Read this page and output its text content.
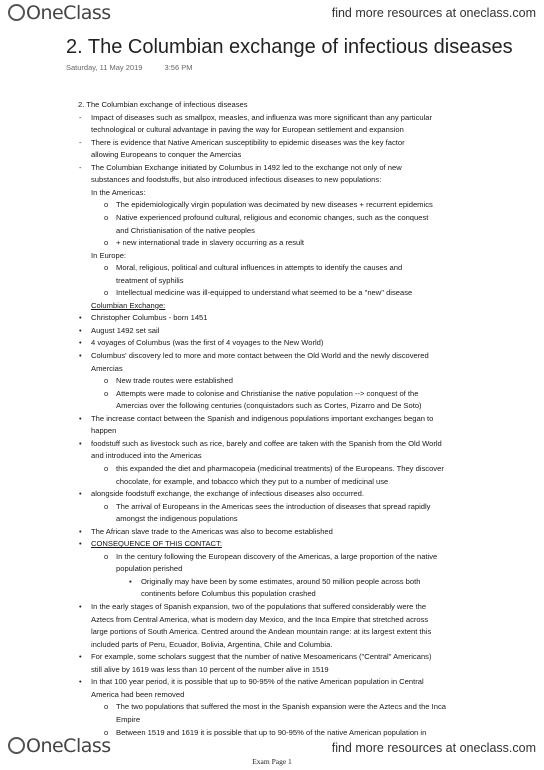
OneClass	find more resources at oneclass.com
2. The Columbian exchange of infectious diseases
Saturday, 11 May 2019	3:56 PM
2. The Columbian exchange of infectious diseases
- Impact of diseases such as smallpox, measles, and influenza was more significant than any particular
technological or cultural advantage in paving the way for European settlement and expansion
- There is evidence that Native American susceptibility to epidemic diseases was the key factor
allowing Europeans to conquer the Amercias
- The Columbian Exchange initiated by Columbus in 1492 led to the exchange not only of new
substances and foodstuffs, but also introduced infectious diseases to new populations:
In the Americas:
o The epidemiologically virgin population was decimated by new diseases + recurrent epidemics
o Native experienced profound cultural, religious and economic changes, such as the conquest
and Christianisation of the native peoples
o + new international trade in slavery occurring as a result
In Europe:
o Moral, religious, political and cultural influences in attempts to identify the causes and
treatment of syphilis
o Intellectual medicine was ill-equipped to understand what seemed to be a "new" disease
Columbian Exchange:
• Christopher Columbus - born 1451
• August 1492 set sail
• 4 voyages of Columbus (was the first of 4 voyages to the New World)
• Columbus' discovery led to more and more contact between the Old World and the newly discovered
Amercias
o New trade routes were established
o Attempts were made to colonise and Christianise the native population --> conquest of the
Amercias over the following centuries (conquistadors such as Cortes, Pizarro and De Soto)
• The increase contact between the Spanish and indigenous populations important exchanges began to
happen
• foodstuff such as livestock such as rice, barely and coffee are taken with the Spanish from the Old World
and introduced into the Americas
o this expanded the diet and pharmacopeia (medicinal treatments) of the Europeans. They discover
chocolate, for example, and tobacco which they put to a number of medicinal use
• alongside foodstuff exchange, the exchange of infectious diseases also occurred.
o The arrival of Europeans in the Americas sees the introduction of diseases that spread rapidly
amongst the indigenous populations
• The African slave trade to the Americas was also to become established
• CONSEQUENCE OF THIS CONTACT:
o In the century following the European discovery of the Americas, a large proportion of the native
population perished
▪ Originally may have been by some estimates, around 50 million people across both
continents before Columbus this population crashed
• In the early stages of Spanish expansion, two of the populations that suffered considerably were the
Aztecs from Central America, what is modern day Mexico, and the Inca Empire that stretched across
large portions of South America. Centred around the Andean mountain range: at its largest extent this
included parts of Peru, Ecuador, Bolivia, Argentina, Chile and Columbia.
• For example, some scholars suggest that the number of native Mesoamericans ("Central" Americans)
still alive by 1619 was less than 10 percent of the number alive in 1519
• In that 100 year period, it is possible that up to 90-95% of the native American population in Central
America had been removed
o The two populations that suffered the most in the Spanish expansion were the Aztecs and the Inca
Empire
o Between 1519 and 1619 it is possible that up to 90-95% of the native American population in
OneClass	find more resources at oneclass.com
Exam Page 1
